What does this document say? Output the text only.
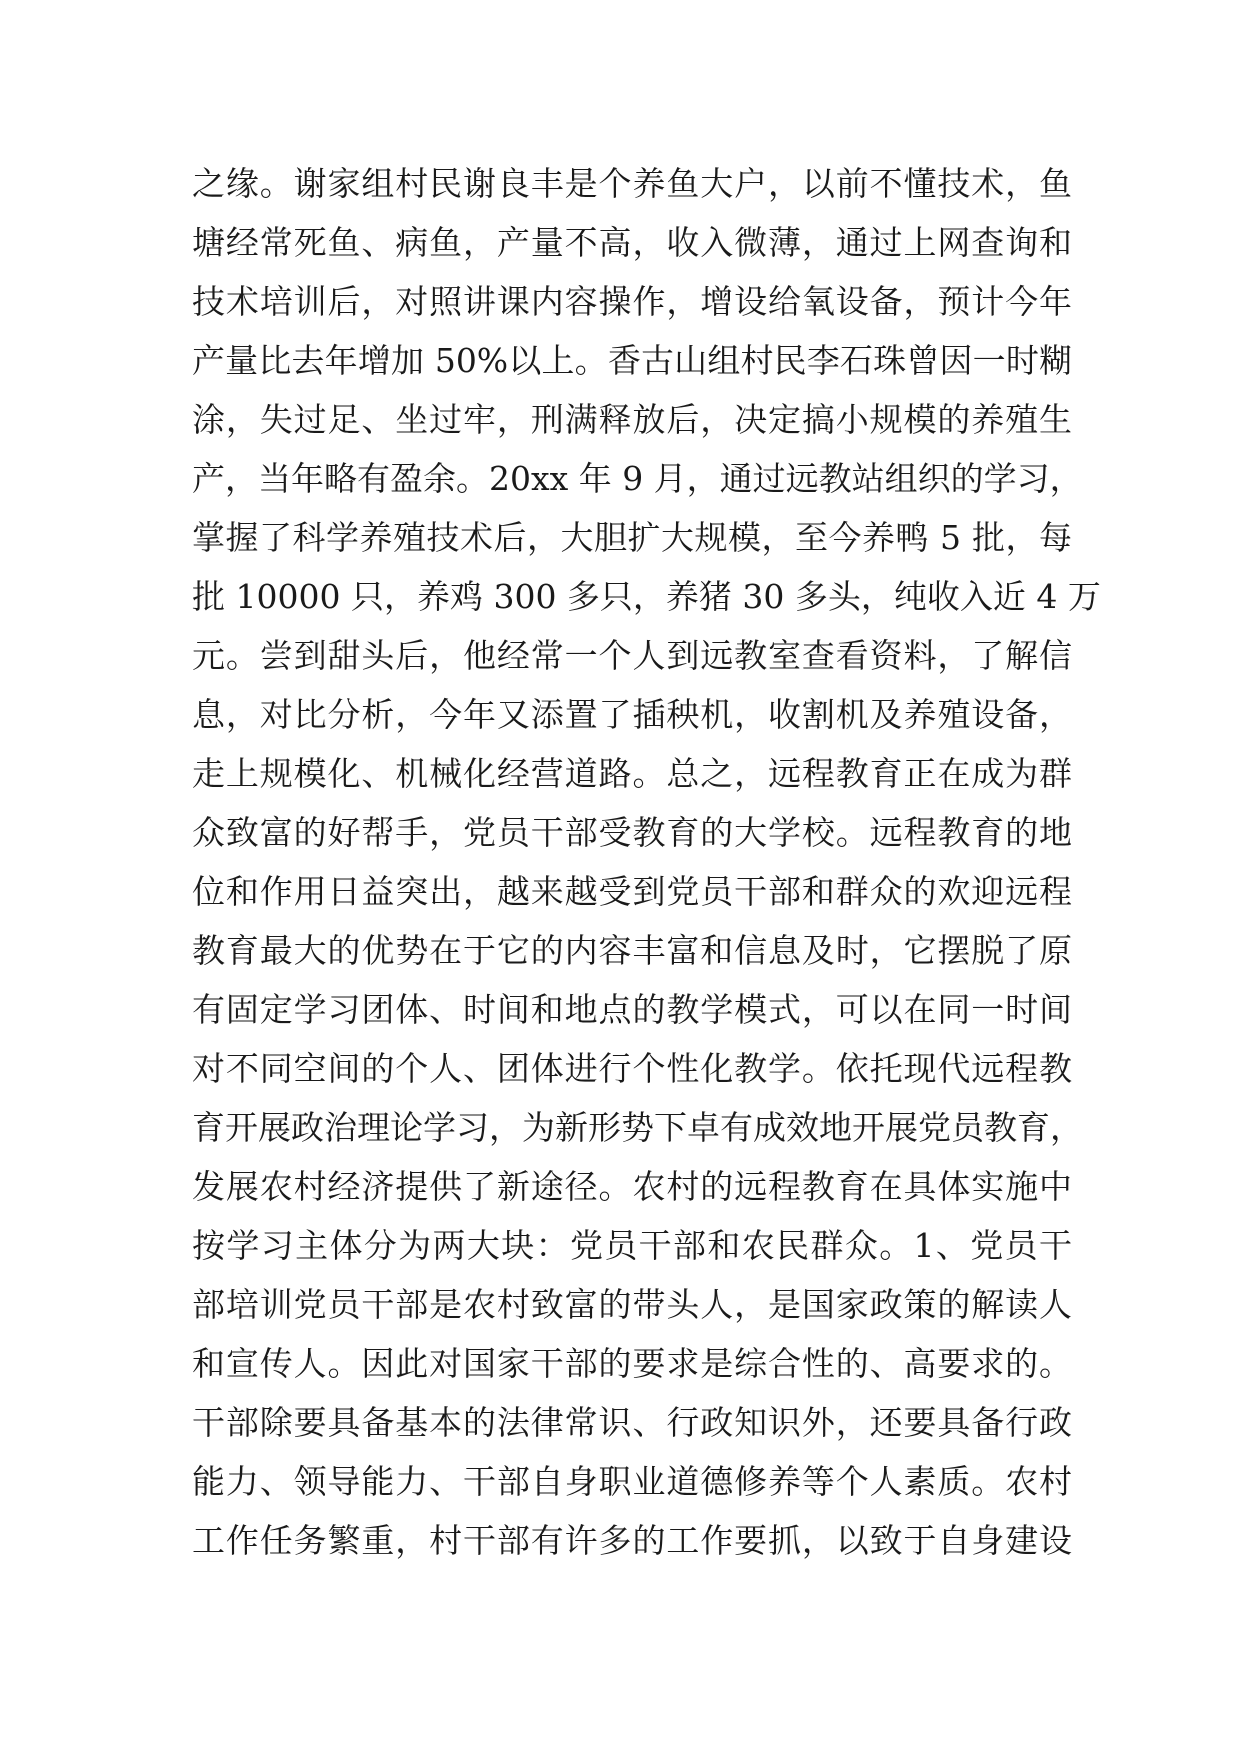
之缘。谢家组村民谢良丰是个养鱼大户，以前不懂技术，鱼
塘经常死鱼、病鱼，产量不高，收入微薄，通过上网查询和
技术培训后，对照讲课内容操作，增设给氧设备，预计今年
产量比去年增加 50%以上。香古山组村民李石珠曾因一时糊
涂，失过足、坐过牢，刑满释放后，决定搞小规模的养殖生
产，当年略有盈余。20xx 年 9 月，通过远教站组织的学习，
掌握了科学养殖技术后，大胆扩大规模，至今养鸭 5 批，每
批 10000 只，养鸡 300 多只，养猪 30 多头，纯收入近 4 万
元。尝到甜头后，他经常一个人到远教室查看资料，了解信
息，对比分析，今年又添置了插秧机，收割机及养殖设备，
走上规模化、机械化经营道路。总之，远程教育正在成为群
众致富的好帮手，党员干部受教育的大学校。远程教育的地
位和作用日益突出，越来越受到党员干部和群众的欢迎远程
教育最大的优势在于它的内容丰富和信息及时，它摆脱了原
有固定学习团体、时间和地点的教学模式，可以在同一时间
对不同空间的个人、团体进行个性化教学。依托现代远程教
育开展政治理论学习，为新形势下卓有成效地开展党员教育，
发展农村经济提供了新途径。农村的远程教育在具体实施中
按学习主体分为两大块：党员干部和农民群众。1、党员干
部培训党员干部是农村致富的带头人，是国家政策的解读人
和宣传人。因此对国家干部的要求是综合性的、高要求的。
干部除要具备基本的法律常识、行政知识外，还要具备行政
能力、领导能力、干部自身职业道德修养等个人素质。农村
工作任务繁重，村干部有许多的工作要抓，以致于自身建设
